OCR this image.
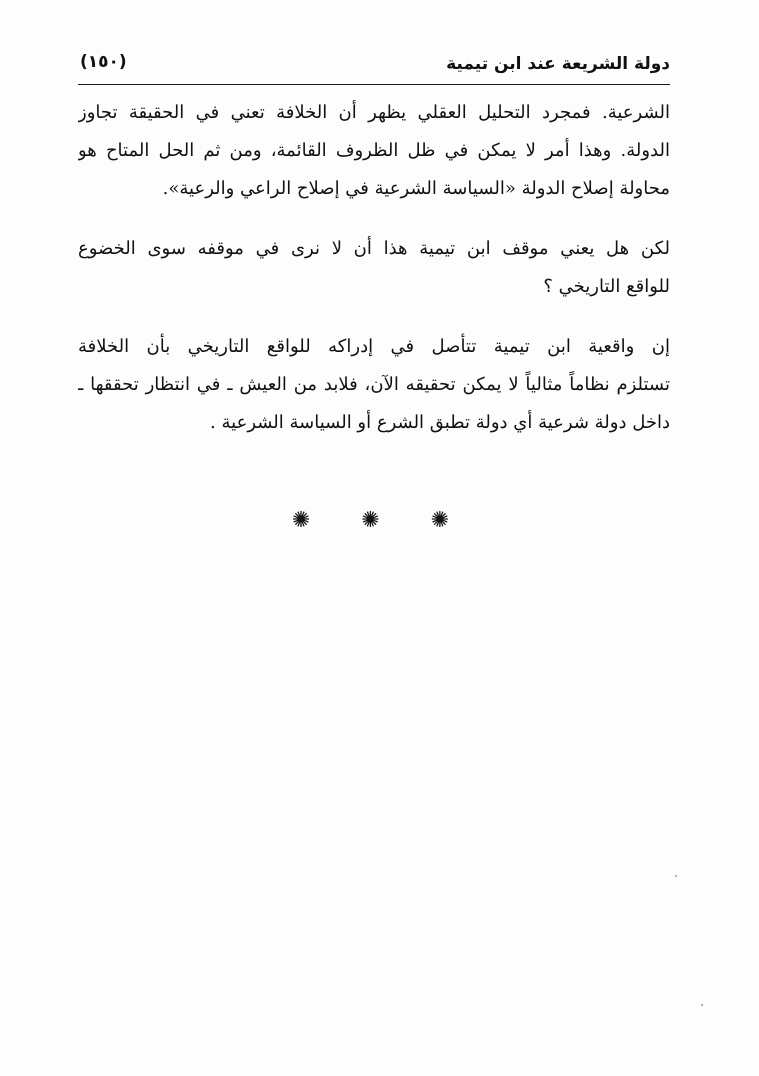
دولة الشريعة عند ابن تيمية
(١٥٠)
الشرعية. فمجرد التحليل العقلي يظهر أن الخلافة تعني في الحقيقة تجاوز
الدولة. وهذا أمر لا يمكن في ظل الظروف القائمة، ومن ثم الحل المتاح هو
محاولة إصلاح الدولة «السياسة الشرعية في إصلاح الراعي والرعية».
لكن هل يعني موقف ابن تيمية هذا أن لا نرى في موقفه سوى الخضوع
للواقع التاريخي ؟
إن واقعية ابن تيمية تتأصل في إدراكه للواقع التاريخي بأن الخلافة
تستلزم نظاماً مثالياً لا يمكن تحقيقه الآن، فلابد من العيش ـ في انتظار تحققها ـ
داخل دولة شرعية أي دولة تطبق الشرع أو السياسة الشرعية .
✺ ✺ ✺
